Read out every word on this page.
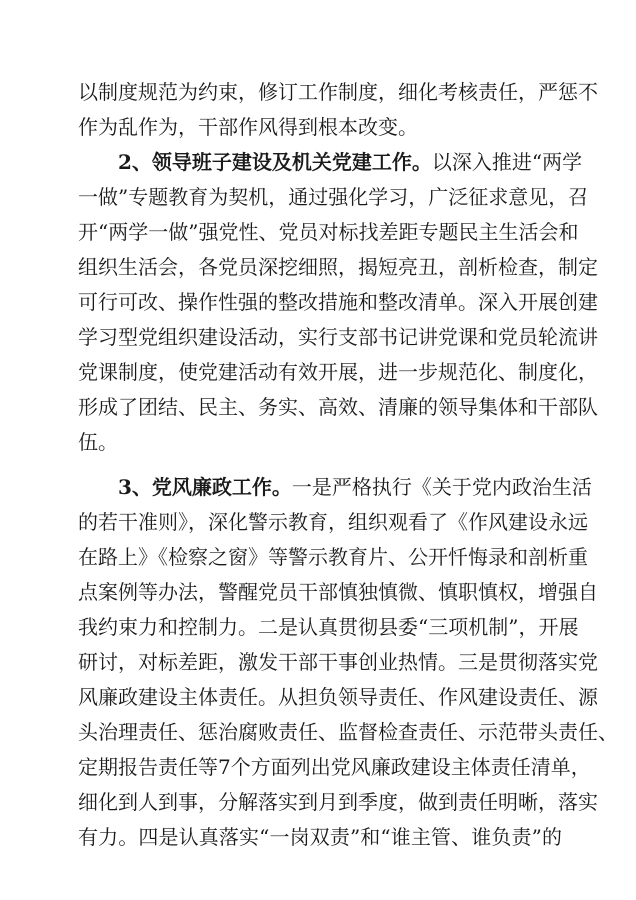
以制度规范为约束，修订工作制度，细化考核责任，严惩不
作为乱作为，干部作风得到根本改变。
2、领导班子建设及机关党建工作。以深入推进“两学
一做”专题教育为契机，通过强化学习，广泛征求意见，召
开“两学一做”强党性、党员对标找差距专题民主生活会和
组织生活会，各党员深挖细照，揭短亮丑，剖析检查，制定
可行可改、操作性强的整改措施和整改清单。深入开展创建
学习型党组织建设活动，实行支部书记讲党课和党员轮流讲
党课制度，使党建活动有效开展，进一步规范化、制度化，
形成了团结、民主、务实、高效、清廉的领导集体和干部队
伍。
3、党风廉政工作。一是严格执行《关于党内政治生活
的若干准则》，深化警示教育，组织观看了《作风建设永远
在路上》《检察之窗》等警示教育片、公开忏悔录和剖析重
点案例等办法，警醒党员干部慎独慎微、慎职慎权，增强自
我约束力和控制力。二是认真贯彻县委“三项机制”，开展
研讨，对标差距，激发干部干事创业热情。三是贯彻落实党
风廉政建设主体责任。从担负领导责任、作风建设责任、源
头治理责任、惩治腐败责任、监督检查责任、示范带头责任、
定期报告责任等7个方面列出党风廉政建设主体责任清单，
细化到人到事，分解落实到月到季度，做到责任明晰，落实
有力。四是认真落实“一岗双责”和“谁主管、谁负责”的
